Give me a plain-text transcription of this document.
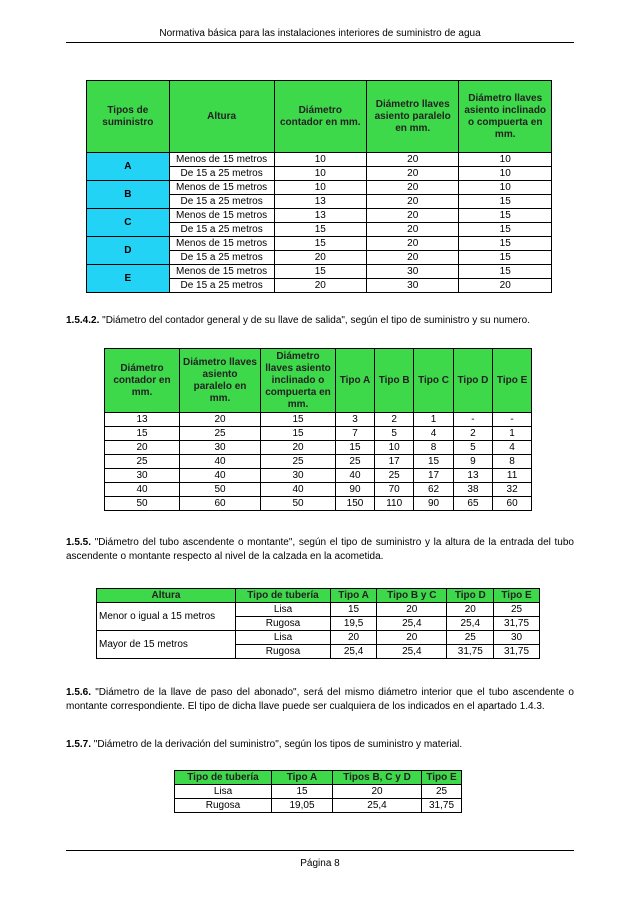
Normativa básica para las instalaciones interiores de suministro de agua
Tipos de suministro	Altura	Diámetro contador en mm.	Diámetro llaves asiento paralelo en mm.	Diámetro llaves asiento inclinado o compuerta en mm.
A	Menos de 15 metros	10	20	10
	De 15 a 25 metros	10	20	10
B	Menos de 15 metros	10	20	10
	De 15 a 25 metros	13	20	15
C	Menos de 15 metros	13	20	15
	De 15 a 25 metros	15	20	15
D	Menos de 15 metros	15	20	15
	De 15 a 25 metros	20	20	15
E	Menos de 15 metros	15	30	15
	De 15 a 25 metros	20	30	20
1.5.4.2. "Diámetro del contador general y de su llave de salida", según el tipo de suministro y su numero.
Diámetro contador en mm.	Diámetro llaves asiento paralelo en mm.	Diámetro llaves asiento inclinado o compuerta en mm.	Tipo A	Tipo B	Tipo C	Tipo D	Tipo E
13	20	15	3	2	1	-	-
15	25	15	7	5	4	2	1
20	30	20	15	10	8	5	4
25	40	25	25	17	15	9	8
30	40	30	40	25	17	13	11
40	50	40	90	70	62	38	32
50	60	50	150	110	90	65	60
1.5.5. "Diámetro del tubo ascendente o montante", según el tipo de suministro y la altura de la entrada del tubo ascendente o montante respecto al nivel de la calzada en la acometida.
Altura	Tipo de tubería	Tipo A	Tipo B y C	Tipo D	Tipo E
Menor o igual a 15 metros	Lisa	15	20	20	25
	Rugosa	19,5	25,4	25,4	31,75
Mayor de 15 metros	Lisa	20	20	25	30
	Rugosa	25,4	25,4	31,75	31,75
1.5.6. "Diámetro de la llave de paso del abonado", será del mismo diámetro interior que el tubo ascendente o montante correspondiente. El tipo de dicha llave puede ser cualquiera de los indicados en el apartado 1.4.3.
1.5.7. "Diámetro de la derivación del suministro", según los tipos de suministro y material.
Tipo de tubería	Tipo A	Tipos B, C y D	Tipo E
Lisa	15	20	25
Rugosa	19,05	25,4	31,75
Página 8
